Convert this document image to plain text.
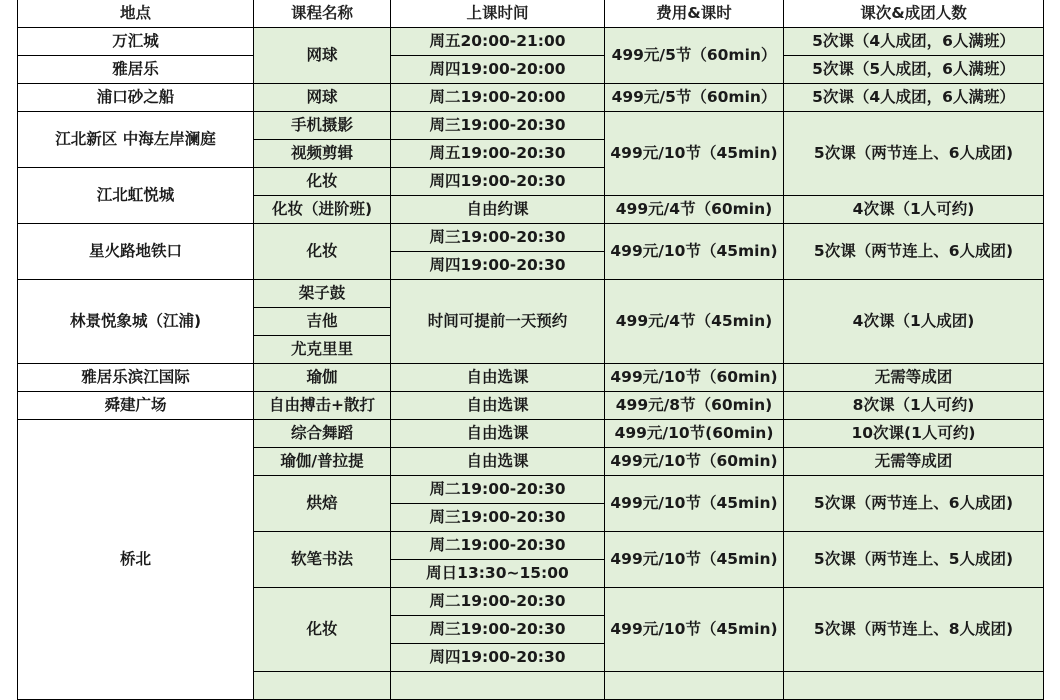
地点	课程名称	上课时间	费用&课时	课次&成团人数
万汇城	网球	周五20:00-21:00	499元/5节（60min）	5次课（4人成团，6人满班）
雅居乐		周四19:00-20:00		5次课（5人成团，6人满班）
浦口砂之船	网球	周二19:00-20:00	499元/5节（60min）	5次课（4人成团，6人满班）
江北新区 中海左岸澜庭	手机摄影	周三19:00-20:30	499元/10节（45min)	5次课（两节连上、6人成团)
	视频剪辑	周五19:00-20:30		
江北虹悦城	化妆	周四19:00-20:30		
	化妆（进阶班)	自由约课	499元/4节（60min)	4次课（1人可约)
星火路地铁口	化妆	周三19:00-20:30	499元/10节（45min)	5次课（两节连上、6人成团)
		周四19:00-20:30		
林景悦象城（江浦)	架子鼓	时间可提前一天预约	499元/4节（45min)	4次课（1人成团)
	吉他			
	尤克里里			
雅居乐滨江国际	瑜伽	自由选课	499元/10节（60min)	无需等成团
舜建广场	自由搏击+散打	自由选课	499元/8节（60min)	8次课（1人可约)
桥北	综合舞蹈	自由选课	499元/10节(60min)	10次课(1人可约)
	瑜伽/普拉提	自由选课	499元/10节（60min)	无需等成团
	烘焙	周二19:00-20:30	499元/10节（45min)	5次课（两节连上、6人成团)
		周三19:00-20:30		
	软笔书法	周二19:00-20:30	499元/10节（45min)	5次课（两节连上、5人成团)
		周日13:30~15:00		
	化妆	周二19:00-20:30	499元/10节（45min)	5次课（两节连上、8人成团)
		周三19:00-20:30		
		周四19:00-20:30		
